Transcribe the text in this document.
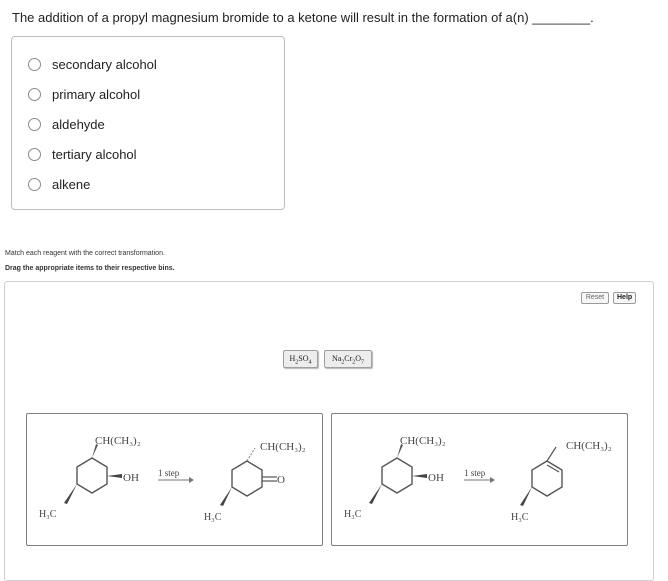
The addition of a propyl magnesium bromide to a ketone will result in the formation of a(n) ________.
secondary alcohol
primary alcohol
aldehyde
tertiary alcohol
alkene
Match each reagent with the correct transformation.
Drag the appropriate items to their respective bins.
Reset	Help
$H_2SO_4$	$Na_2Cr_2O_7$
CH(CH₃)₂
OH
H₃C
1 step
CH(CH₃)₂
O
H₃C
CH(CH₃)₂
OH
H₃C
1 step
CH(CH₃)₂
H₃C
